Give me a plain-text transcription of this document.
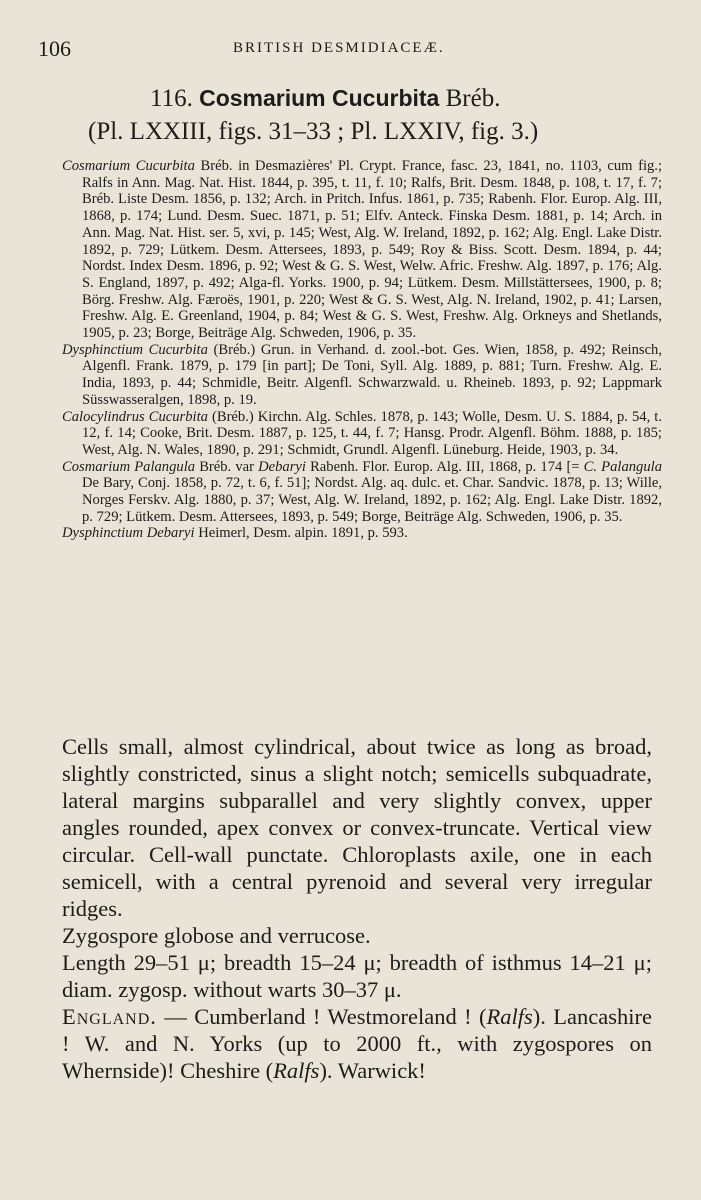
106	BRITISH DESMIDIACEÆ.
116. Cosmarium Cucurbita Bréb.
(Pl. LXXIII, figs. 31–33 ; Pl. LXXIV, fig. 3.)

Cosmarium Cucurbita Bréb. in Desmazières' Pl. Crypt. France, fasc. 23, 1841, no. 1103, cum fig.; Ralfs in Ann. Mag. Nat. Hist. 1844, p. 395, t. 11, f. 10; Ralfs, Brit. Desm. 1848, p. 108, t. 17, f. 7; Bréb. Liste Desm. 1856, p. 132; Arch. in Pritch. Infus. 1861, p. 735; Rabenh. Flor. Europ. Alg. III, 1868, p. 174; Lund. Desm. Suec. 1871, p. 51; Elfv. Anteck. Finska Desm. 1881, p. 14; Arch. in Ann. Mag. Nat. Hist. ser. 5, xvi, p. 145; West, Alg. W. Ireland, 1892, p. 162; Alg. Engl. Lake Distr. 1892, p. 729; Lütkem. Desm. Attersees, 1893, p. 549; Roy & Biss. Scott. Desm. 1894, p. 44; Nordst. Index Desm. 1896, p. 92; West & G. S. West, Welw. Afric. Freshw. Alg. 1897, p. 176; Alg. S. England, 1897, p. 492; Alga-fl. Yorks. 1900, p. 94; Lütkem. Desm. Millstättersees, 1900, p. 8; Börg. Freshw. Alg. Færoës, 1901, p. 220; West & G. S. West, Alg. N. Ireland, 1902, p. 41; Larsen, Freshw. Alg. E. Greenland, 1904, p. 84; West & G. S. West, Freshw. Alg. Orkneys and Shetlands, 1905, p. 23; Borge, Beiträge Alg. Schweden, 1906, p. 35.

Dysphinctium Cucurbita (Bréb.) Grun. in Verhand. d. zool.-bot. Ges. Wien, 1858, p. 492; Reinsch, Algenfl. Frank. 1879, p. 179 [in part]; De Toni, Syll. Alg. 1889, p. 881; Turn. Freshw. Alg. E. India, 1893, p. 44; Schmidle, Beitr. Algenfl. Schwarzwald. u. Rheineb. 1893, p. 92; Lappmark Süsswasseralgen, 1898, p. 19.

Calocylindrus Cucurbita (Bréb.) Kirchn. Alg. Schles. 1878, p. 143; Wolle, Desm. U. S. 1884, p. 54, t. 12, f. 14; Cooke, Brit. Desm. 1887, p. 125, t. 44, f. 7; Hansg. Prodr. Algenfl. Böhm. 1888, p. 185; West, Alg. N. Wales, 1890, p. 291; Schmidt, Grundl. Algenfl. Lüneburg. Heide, 1903, p. 34.

Cosmarium Palangula Bréb. var Debaryi Rabenh. Flor. Europ. Alg. III, 1868, p. 174 [= C. Palangula De Bary, Conj. 1858, p. 72, t. 6, f. 51]; Nordst. Alg. aq. dulc. et. Char. Sandvic. 1878, p. 13; Wille, Norges Ferskv. Alg. 1880, p. 37; West, Alg. W. Ireland, 1892, p. 162; Alg. Engl. Lake Distr. 1892, p. 729; Lütkem. Desm. Attersees, 1893, p. 549; Borge, Beiträge Alg. Schweden, 1906, p. 35.

Dysphinctium Debaryi Heimerl, Desm. alpin. 1891, p. 593.

Cells small, almost cylindrical, about twice as long as broad, slightly constricted, sinus a slight notch; semicells subquadrate, lateral margins subparallel and very slightly convex, upper angles rounded, apex convex or convex-truncate. Vertical view circular. Cell-wall punctate. Chloroplasts axile, one in each semicell, with a central pyrenoid and several very irregular ridges.

Zygospore globose and verrucose.

Length 29–51 μ; breadth 15–24 μ; breadth of isthmus 14–21 μ; diam. zygosp. without warts 30–37 μ.

England. — Cumberland ! Westmoreland ! (Ralfs). Lancashire ! W. and N. Yorks (up to 2000 ft., with zygospores on Whernside)! Cheshire (Ralfs). Warwick!
